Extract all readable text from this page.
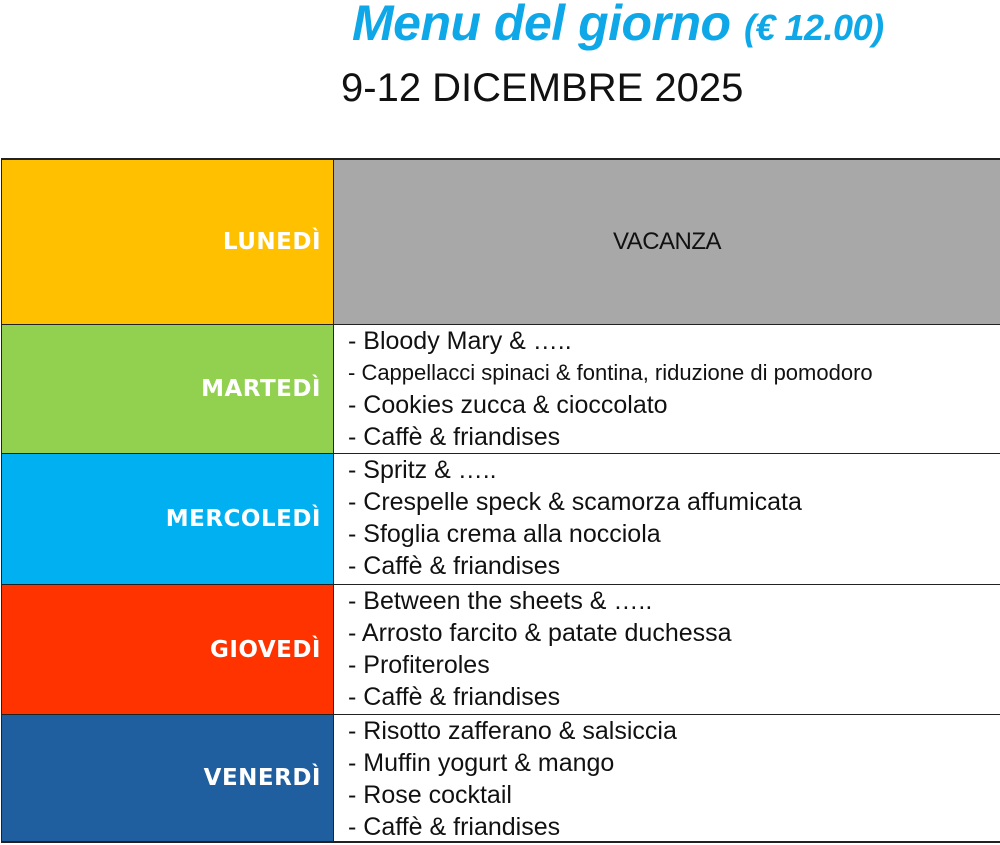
Menu del giorno (€ 12.00)
9-12 DICEMBRE 2025
LUNEDÌ	VACANZA
MARTEDÌ
- Bloody Mary & …..
- Cappellacci spinaci & fontina, riduzione di pomodoro
- Cookies zucca & cioccolato
- Caffè & friandises
MERCOLEDÌ
- Spritz & …..
- Crespelle speck & scamorza affumicata
- Sfoglia crema alla nocciola
- Caffè & friandises
GIOVEDÌ
- Between the sheets & …..
- Arrosto farcito & patate duchessa
- Profiteroles
- Caffè & friandises
VENERDÌ
- Risotto zafferano & salsiccia
- Muffin yogurt & mango
- Rose cocktail
- Caffè & friandises
